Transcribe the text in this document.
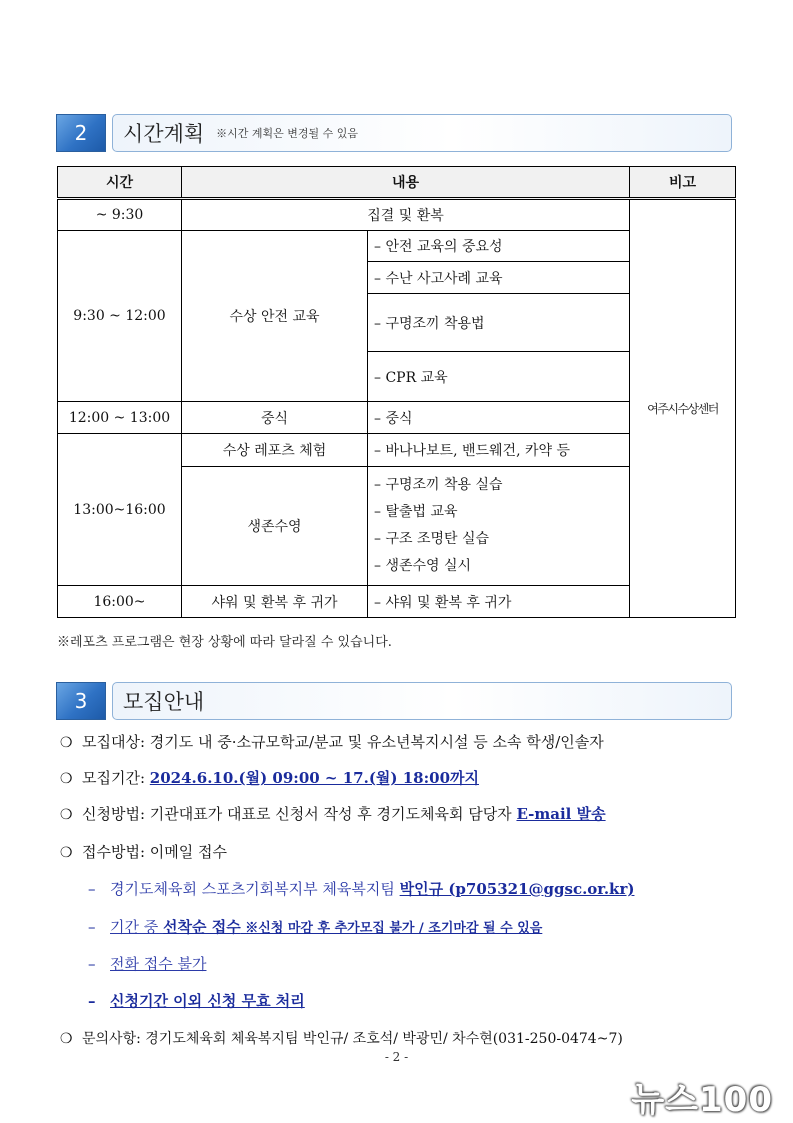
2	시간계획 ※시간 계획은 변경될 수 있음
시간	내용		비고
~ 9:30	집결 및 환복		여주시수상센터
9:30 ~ 12:00	수상 안전 교육	– 안전 교육의 중요성	
		– 수난 사고사례 교육	
		– 구명조끼 착용법	
		– CPR 교육	
12:00 ~ 13:00	중식	– 중식	
13:00~16:00	수상 레포츠 체험	– 바나나보트, 밴드웨건, 카약 등	
	생존수영	– 구명조끼 착용 실습
– 탈출법 교육
– 구조 조명탄 실습
– 생존수영 실시	

16:00~	샤워 및 환복 후 귀가	– 샤워 및 환복 후 귀가	
※레포츠 프로그램은 현장 상황에 따라 달라질 수 있습니다.
3	모집안내
❍ 모집대상: 경기도 내 중·소규모학교/분교 및 유소년복지시설 등 소속 학생/인솔자
❍ 모집기간: 2024.6.10.(월) 09:00 ~ 17.(월) 18:00까지
❍ 신청방법: 기관대표가 대표로 신청서 작성 후 경기도체육회 담당자 E-mail 발송
❍ 접수방법: 이메일 접수
– 경기도체육회 스포츠기회복지부 체육복지팀 박인규 (p705321@ggsc.or.kr)
– 기간 중 선착순 접수 ※신청 마감 후 추가모집 불가 / 조기마감 될 수 있음
– 전화 접수 불가
– 신청기간 이외 신청 무효 처리
❍ 문의사항: 경기도체육회 체육복지팀 박인규/ 조호석/ 박광민/ 차수현(031-250-0474~7)
- 2 -
뉴스100
